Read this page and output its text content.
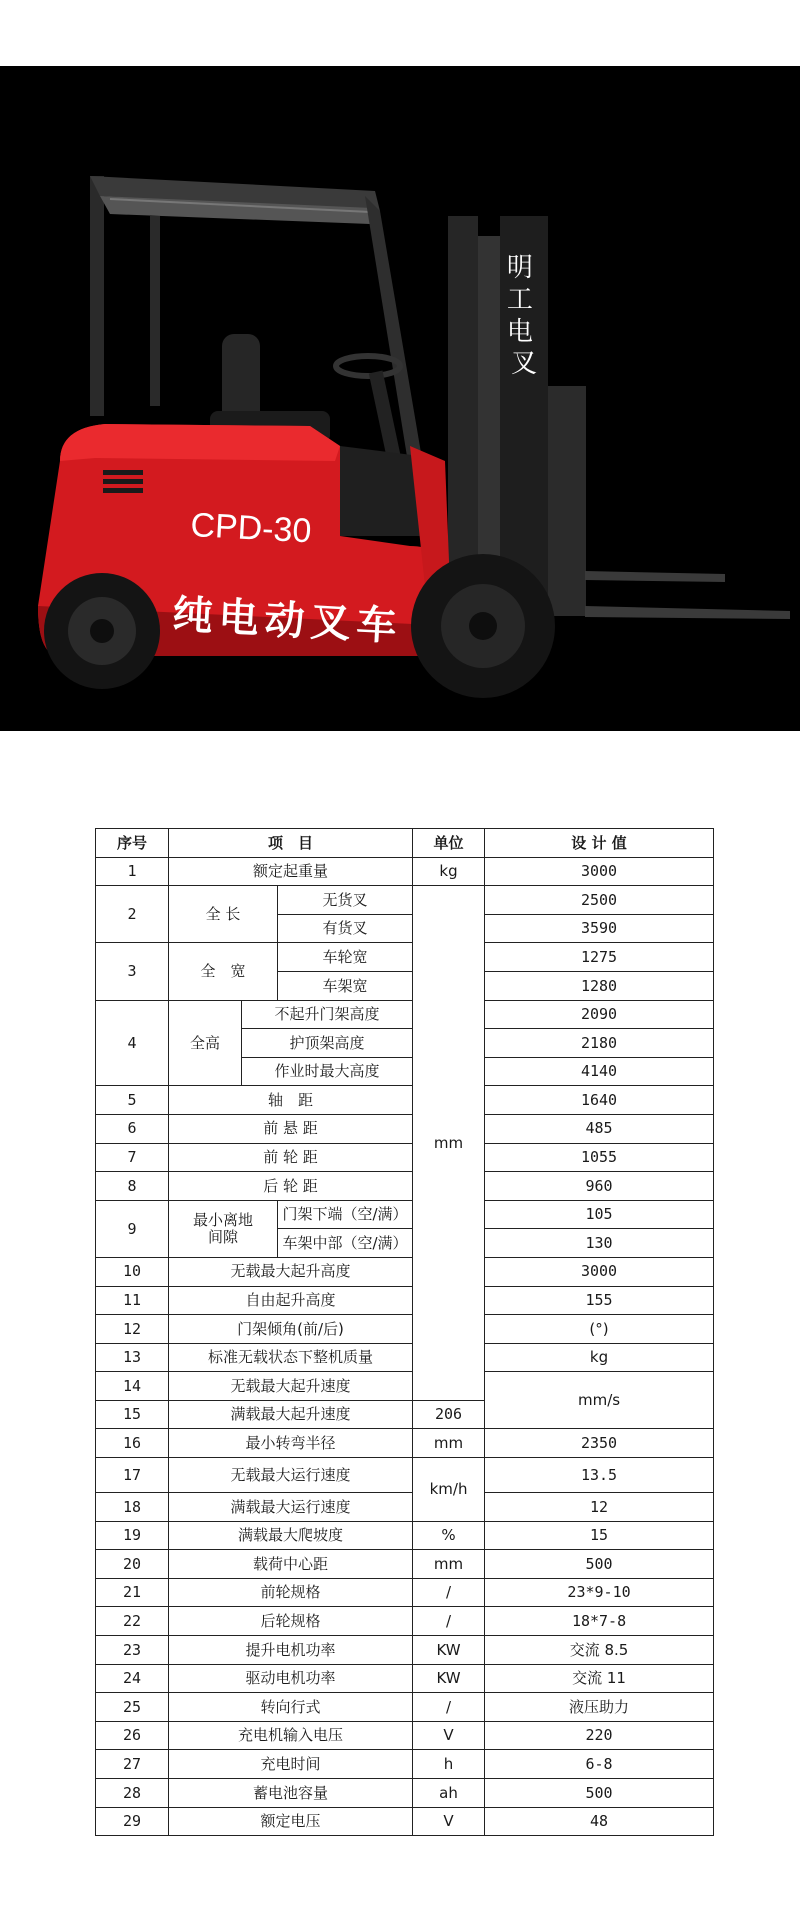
CPD-30
纯电动叉车
明 工 电 叉
序号	项　目			单位	设 计 值	
1	额定起重量			kg	3000	
2	全 长		无货叉	mm	2500	
			有货叉		3590	
3	全　宽		车轮宽		1275	
			车架宽		1280	
4	全高	不起升门架高度			2090	
		护顶架高度			2180	
		作业时最大高度			4140	
5	轴　距				1640	
6	前 悬 距				485	
7	前 轮 距				1055	
8	后 轮 距				960	
9	最小离地间隙		门架下端（空/满）		105	
			车架中部（空/满）		130	
10	无载最大起升高度				3000	
11	自由起升高度				155	
12	门架倾角(前/后)				(°)	
13	标准无载状态下整机质量				kg	
14	无载最大起升速度				mm/s	
15	满载最大起升速度			206		
16	最小转弯半径			mm	2350	
17	无载最大运行速度			km/h	13.5	
18	满载最大运行速度				12	
19	满载最大爬坡度			%	15	
20	载荷中心距			mm	500	
21	前轮规格			/	23*9-10	
22	后轮规格			/	18*7-8	
23	提升电机功率			KW	交流 8.5	
24	驱动电机功率			KW	交流 11	
25	转向行式			/	液压助力	
26	充电机输入电压			V	220	
27	充电时间			h	6-8	
28	蓄电池容量			ah	500	
29	额定电压			V	48	
